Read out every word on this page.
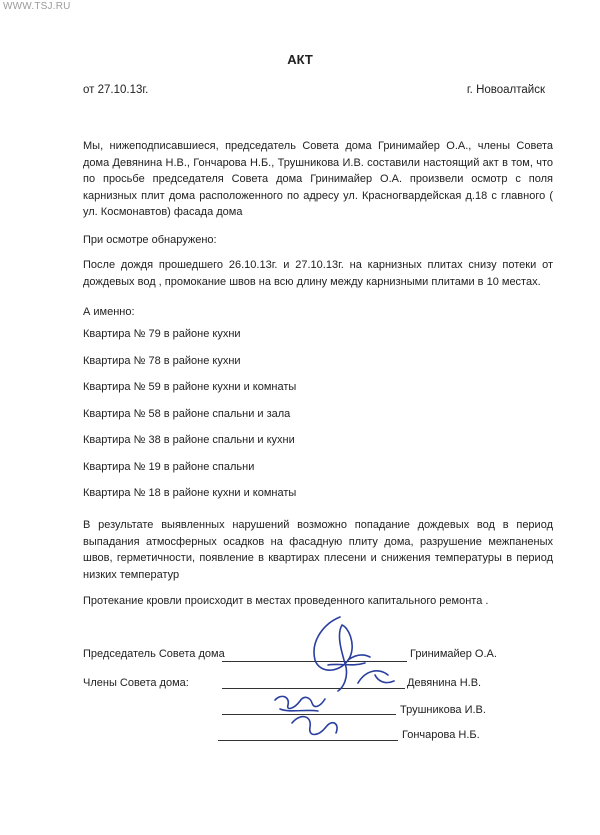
WWW.TSJ.RU
АКТ
от 27.10.13г.	г. Новоалтайск
Мы, нижеподписавшиеся, председатель Совета дома Гринимайер О.А., члены Совета дома Девянина Н.В., Гончарова Н.Б., Трушникова И.В. составили настоящий акт в том, что по просьбе председателя Совета дома Гринимайер О.А. произвели осмотр с поля карнизных плит дома расположенного по адресу ул. Красногвардейская д.18 с главного ( ул. Космонавтов) фасада дома
При осмотре обнаружено:
После дождя прошедшего 26.10.13г. и 27.10.13г. на карнизных плитах снизу потеки от дождевых вод , промокание швов на всю длину между карнизными плитами в 10 местах.
А именно:
Квартира № 79 в районе кухни
Квартира № 78 в районе кухни
Квартира № 59 в районе кухни и комнаты
Квартира № 58 в районе спальни и зала
Квартира № 38 в районе спальни и кухни
Квартира № 19 в районе спальни
Квартира № 18 в районе кухни и комнаты
В результате выявленных нарушений возможно попадание дождевых вод в период выпадания атмосферных осадков на фасадную плиту дома, разрушение межпаненых швов, герметичности, появление в квартирах плесени и снижения температуры в период низких температур
Протекание кровли происходит в местах проведенного капитального ремонта .
Председатель Совета дома	Гринимайер О.А.
Члены Совета дома:	Девянина Н.В.
Трушникова И.В.
Гончарова Н.Б.
